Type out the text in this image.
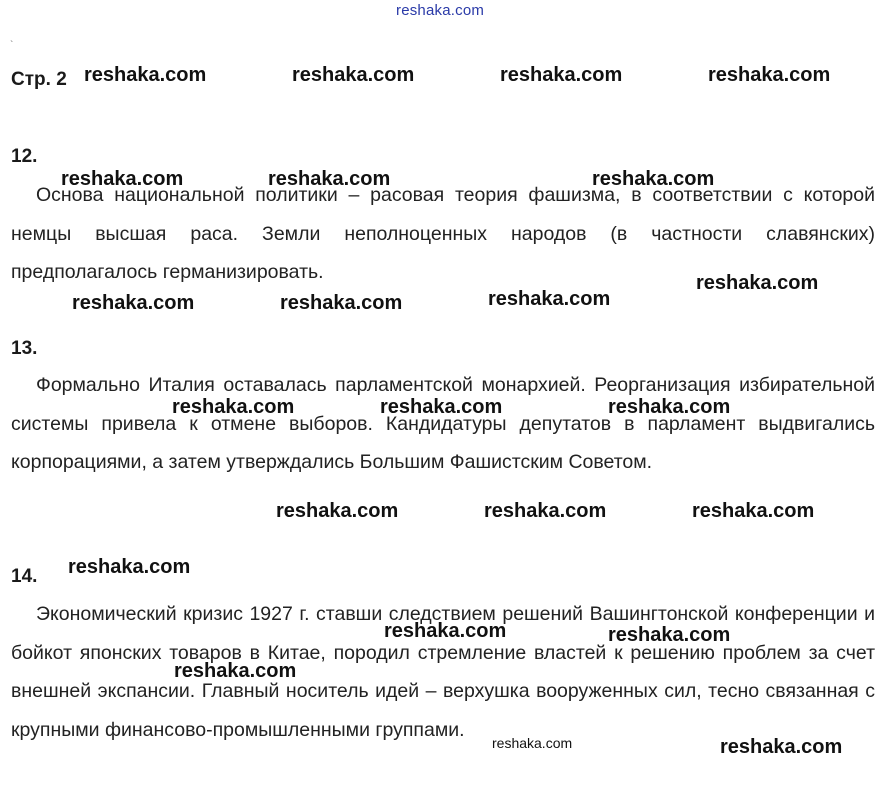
reshaka.com
`
Стр. 2
12.
Основа национальной политики – расовая теория фашизма, в соответствии с которой немцы высшая раса. Земли неполноценных народов (в частности славянских) предполагалось германизировать.
13.
Формально Италия оставалась парламентской монархией. Реорганизация избирательной системы привела к отмене выборов. Кандидатуры депутатов в парламент выдвигались корпорациями, а затем утверждались Большим Фашистским Советом.
14.
Экономический кризис 1927 г. ставши следствием решений Вашингтонской конференции и бойкот японских товаров в Китае, породил стремление властей к решению проблем за счет внешней экспансии. Главный носитель идей – верхушка вооруженных сил, тесно связанная с крупными финансово-промышленными группами.
reshaka.com	reshaka.com	reshaka.com	reshaka.com
reshaka.com	reshaka.com	reshaka.com
reshaka.com
reshaka.com
reshaka.com	reshaka.com
reshaka.com	reshaka.com	reshaka.com
reshaka.com	reshaka.com	reshaka.com
reshaka.com
reshaka.com	reshaka.com
reshaka.com
reshaka.com	reshaka.com
